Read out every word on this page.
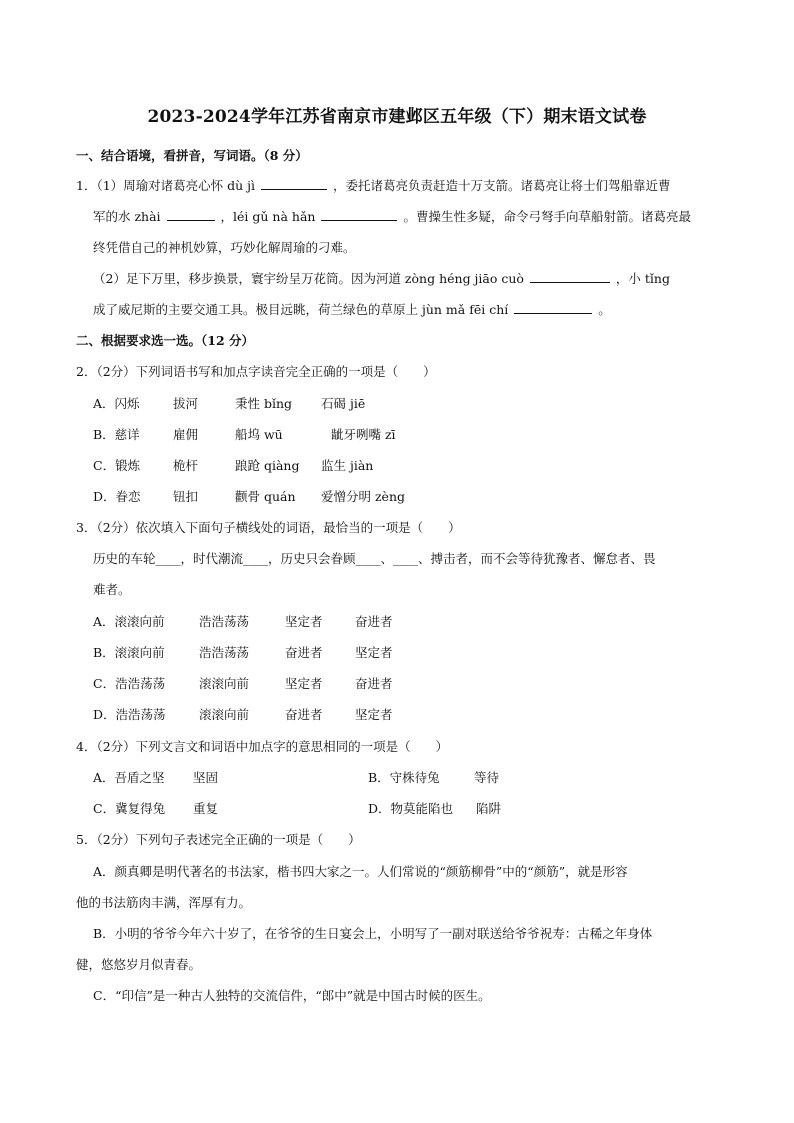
2023-2024学年江苏省南京市建邺区五年级（下）期末语文试卷
一、结合语境，看拼音，写词语。（8 分）
1．（1）周瑜对诸葛亮心怀 dù jì	，委托诸葛亮负责赶造十万支箭。诸葛亮让将士们驾船靠近曹
军的水 zhài	，léi gǔ nà hǎn	。曹操生性多疑，命令弓弩手向草船射箭。诸葛亮最
终凭借自己的神机妙算，巧妙化解周瑜的刁难。
（2）足下万里，移步换景，寰宇纷呈万花筒。因为河道 zòng héng jiāo cuò	，小 tǐng
成了威尼斯的主要交通工具。极目远眺，荷兰绿色的草原上 jùn mǎ fēi chí	。
二、根据要求选一选。（12 分）
2．（2分）下列词语书写和加点字读音完全正确的一项是（　　）
A．闪烁	拔河	秉性 bǐng 石碣 jiē
B．慈详	雇佣	船坞 wū	龇牙咧嘴 zī
C．锻炼	桅杆	踉跄 qiàng 监生 jiàn
D．眷恋	钮扣	颧骨 quán 爱憎分明 zèng
3．（2分）依次填入下面句子横线处的词语，最恰当的一项是（　　）
历史的车轮____，时代潮流____，历史只会眷顾____、____、搏击者，而不会等待犹豫者、懈怠者、畏
难者。
A．滚滚向前	浩浩荡荡	坚定者	奋进者
B．滚滚向前	浩浩荡荡	奋进者	坚定者
C．浩浩荡荡	滚滚向前	坚定者	奋进者
D．浩浩荡荡	滚滚向前	奋进者	坚定者
4．（2分）下列文言文和词语中加点字的意思相同的一项是（　　）
A．吾盾之坚 坚固	B．守株待兔	等待
C．冀复得兔 重复	D．物莫能陷也 陷阱
5．（2分）下列句子表述完全正确的一项是（　　）
A．颜真卿是明代著名的书法家，楷书四大家之一。人们常说的“颜筋柳骨”中的“颜筋”，就是形容
他的书法筋肉丰满，浑厚有力。
B．小明的爷爷今年六十岁了，在爷爷的生日宴会上，小明写了一副对联送给爷爷祝寿：古稀之年身体
健，悠悠岁月似青春。
C．“印信”是一种古人独特的交流信件，“郎中”就是中国古时候的医生。
